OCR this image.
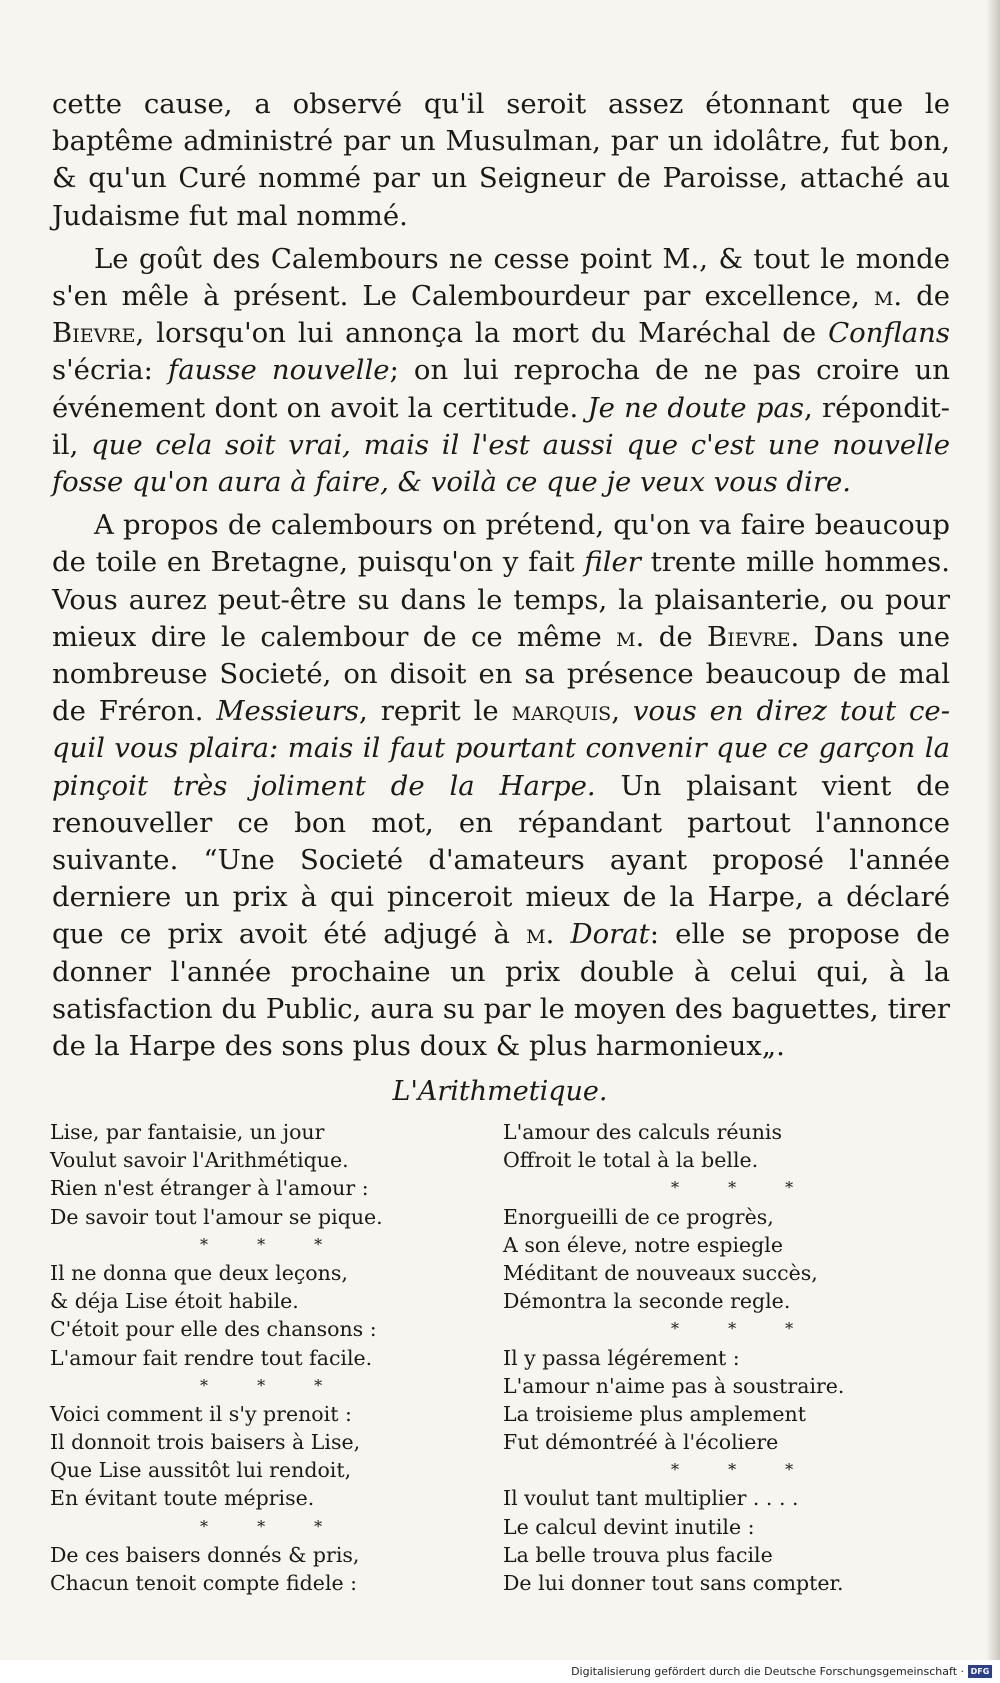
cette cause, a observé qu'il seroit assez étonnant que le baptême administré par un Musulman, par un idolâtre, fut bon, & qu'un Curé nommé par un Seigneur de Paroisse, attaché au Judaisme fut mal nommé.

Le goût des Calembours ne cesse point M., & tout le monde s'en mêle à présent. Le Calembourdeur par excellence, m. de Bievre, lorsqu'on lui annonça la mort du Maréchal de Conflans s'écria: fausse nouvelle; on lui reprocha de ne pas croire un événement dont on avoit la certitude. Je ne doute pas, répondit-il, que cela soit vrai, mais il l'est aussi que c'est une nouvelle fosse qu'on aura à faire, & voilà ce que je veux vous dire.

A propos de calembours on prétend, qu'on va faire beaucoup de toile en Bretagne, puisqu'on y fait filer trente mille hommes. Vous aurez peut-être su dans le temps, la plaisanterie, ou pour mieux dire le calembour de ce même m. de Bievre. Dans une nombreuse Societé, on disoit en sa présence beaucoup de mal de Fréron. Messieurs, reprit le marquis, vous en direz tout ce-quil vous plaira: mais il faut pourtant convenir que ce garçon la pinçoit très joliment de la Harpe. Un plaisant vient de renouveller ce bon mot, en répandant partout l'annonce suivante. “Une Societé d'amateurs ayant proposé l'année derniere un prix à qui pinceroit mieux de la Harpe, a déclaré que ce prix avoit été adjugé à m. Dorat: elle se propose de donner l'année prochaine un prix double à celui qui, à la satisfaction du Public, aura su par le moyen des baguettes, tirer de la Harpe des sons plus doux & plus harmonieux„.

L'Arithmetique.
Lise, par fantaisie, un jour
Voulut savoir l'Arithmétique.
Rien n'est étranger à l'amour :
De savoir tout l'amour se pique.
* * *
Il ne donna que deux leçons,
& déja Lise étoit habile.
C'étoit pour elle des chansons :
L'amour fait rendre tout facile.
* * *
Voici comment il s'y prenoit :
Il donnoit trois baisers à Lise,
Que Lise aussitôt lui rendoit,
En évitant toute méprise.
* * *
De ces baisers donnés & pris,
Chacun tenoit compte fidele :
L'amour des calculs réunis
Offroit le total à la belle.
* * *
Enorgueilli de ce progrès,
A son éleve, notre espiegle
Méditant de nouveaux succès,
Démontra la seconde regle.
* * *
Il y passa légérement :
L'amour n'aime pas à soustraire.
La troisieme plus amplement
Fut démontréé à l'écoliere
* * *
Il voulut tant multiplier . . . .
Le calcul devint inutile :
La belle trouva plus facile
De lui donner tout sans compter.
Digitalisierung gefördert durch die Deutsche Forschungsgemeinschaft · DFG
